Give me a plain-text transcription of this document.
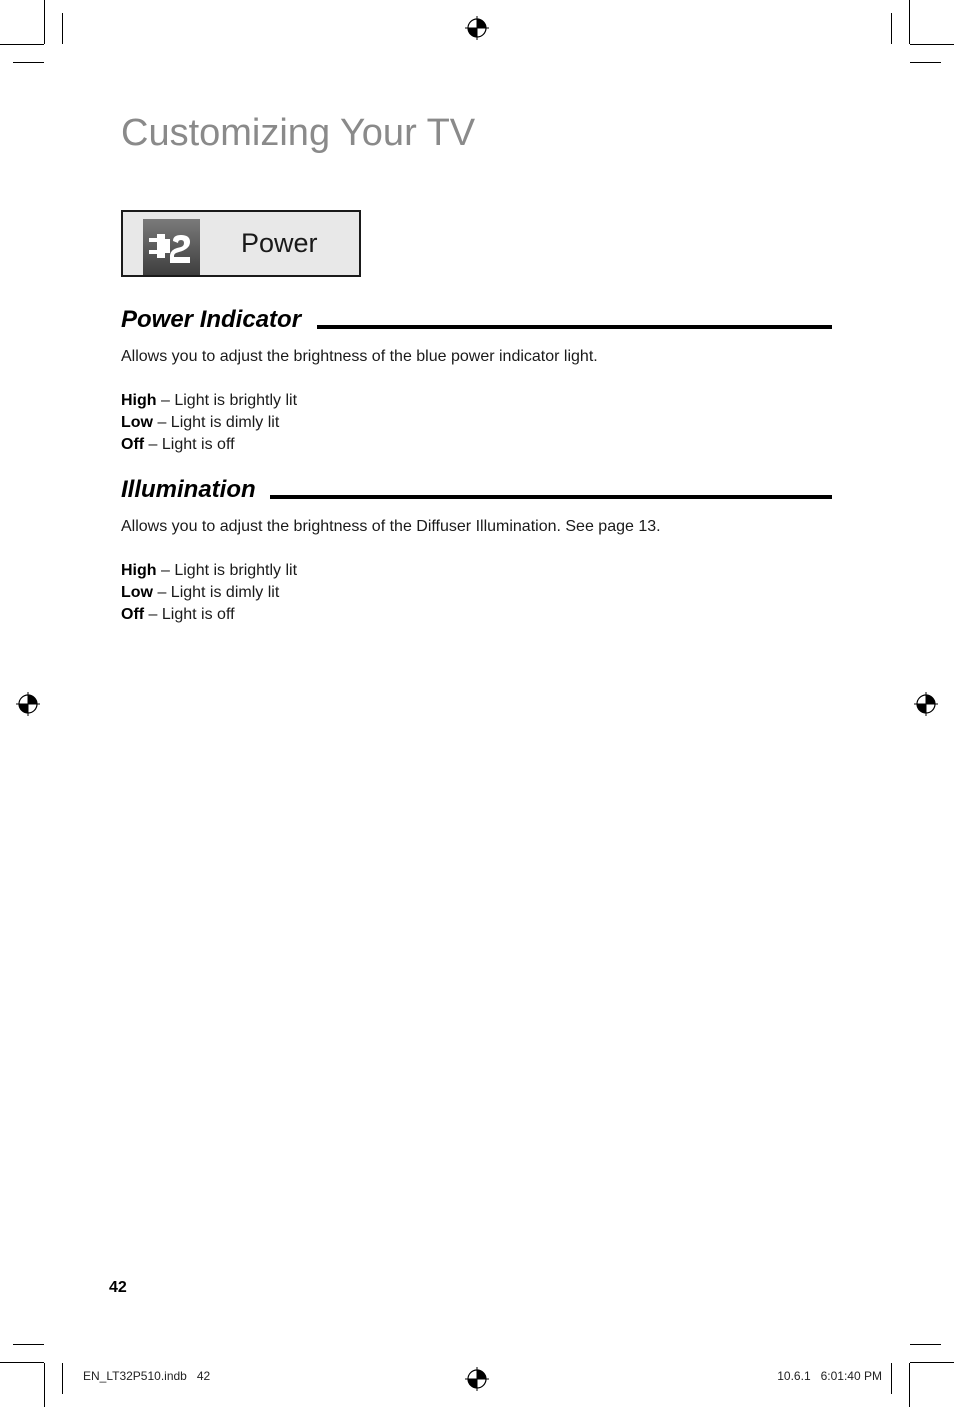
Customizing Your TV
Power
Power Indicator
Allows you to adjust the brightness of the blue power indicator light.
High – Light is brightly lit
Low – Light is dimly lit
Off – Light is off
Illumination
Allows you to adjust the brightness of the Diffuser Illumination. See page 13.
High – Light is brightly lit
Low – Light is dimly lit
Off – Light is off
42
EN_LT32P510.indb   42	10.6.1   6:01:40 PM
